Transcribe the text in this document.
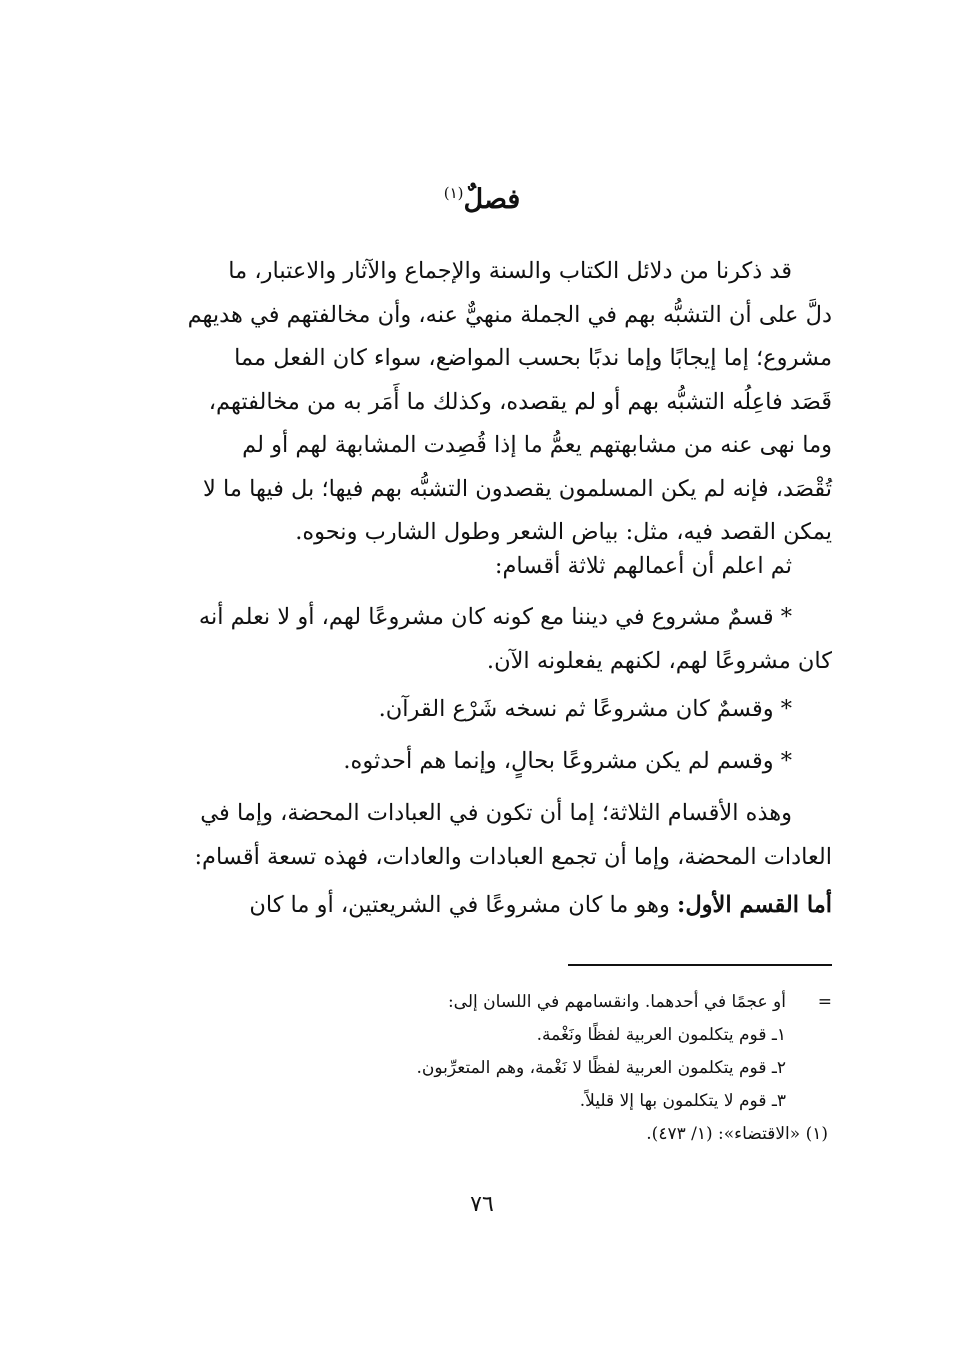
فصلٌ$^{(١)}$
قد ذكرنا من دلائل الكتاب والسنة والإجماع والآثار والاعتبار، ما
دلَّ على أن التشبُّه بهم في الجملة منهيٌّ عنه، وأن مخالفتهم في هديهم
مشروع؛ إما إيجابًا وإما ندبًا بحسب المواضع، سواء كان الفعل مما
قَصَد فاعِلُه التشبُّه بهم أو لم يقصده، وكذلك ما أَمَر به من مخالفتهم،
وما نهى عنه من مشابهتهم يعمُّ ما إذا قُصِدت المشابهة لهم أو لم
تُقْصَد، فإنه لم يكن المسلمون يقصدون التشبُّه بهم فيها؛ بل فيها ما لا
يمكن القصد فيه، مثل: بياض الشعر وطول الشارب ونحوه.
ثم اعلم أن أعمالهم ثلاثة أقسام:
* قسمٌ مشروع في ديننا مع كونه كان مشروعًا لهم، أو لا نعلم أنه
كان مشروعًا لهم، لكنهم يفعلونه الآن.
* وقسمٌ كان مشروعًا ثم نسخه شَرْع القرآن.
* وقسم لم يكن مشروعًا بحالٍ، وإنما هم أحدثوه.
وهذه الأقسام الثلاثة؛ إما أن تكون في العبادات المحضة، وإما في
العادات المحضة، وإما أن تجمع العبادات والعادات، فهذه تسعة أقسام:
أما القسم الأول: وهو ما كان مشروعًا في الشريعتين، أو ما كان
=
أو عجمًا في أحدهما. وانقسامهم في اللسان إلى:
١ـ قوم يتكلمون العربية لفظًا ونَغْمة.
٢ـ قوم يتكلمون العربية لفظًا لا نَغْمة، وهم المتعرِّبون.
٣ـ قوم لا يتكلمون بها إلا قليلاً.
(١) «الاقتضاء»: (١/ ٤٧٣).
٧٦
